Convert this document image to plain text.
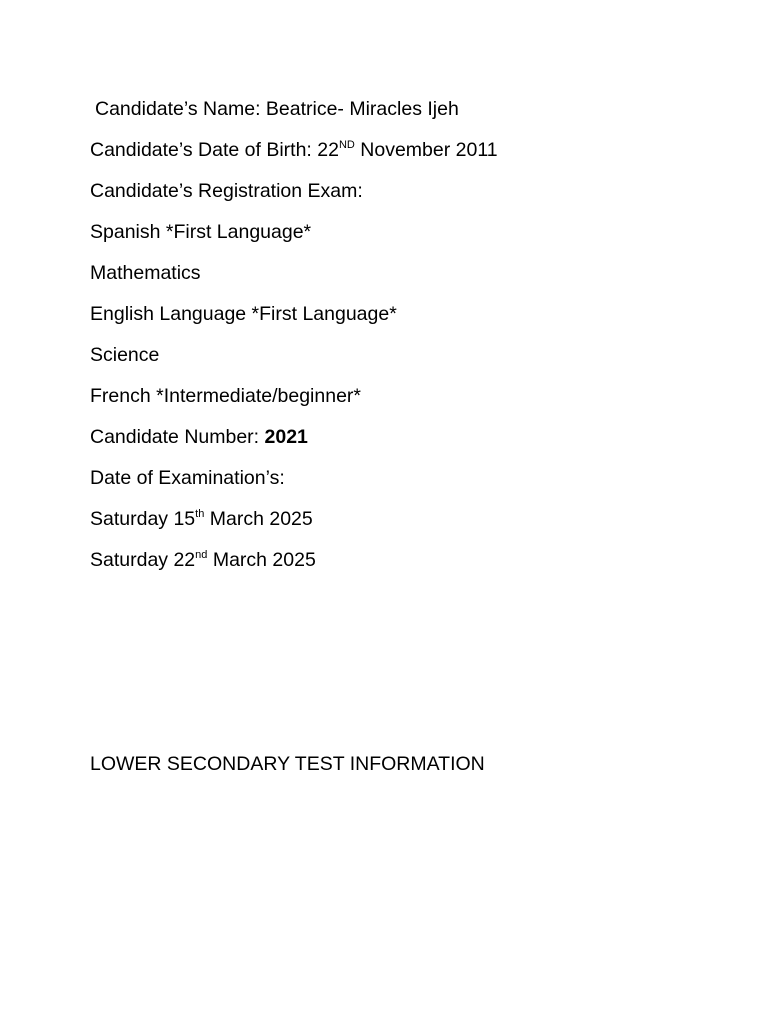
Candidate’s Name: Beatrice- Miracles Ijeh
Candidate’s Date of Birth: 22ND November 2011
Candidate’s Registration Exam:
Spanish *First Language*
Mathematics
English Language *First Language*
Science
French *Intermediate/beginner*
Candidate Number: 2021
Date of Examination’s:
Saturday 15th March 2025
Saturday 22nd March 2025
LOWER SECONDARY TEST INFORMATION
